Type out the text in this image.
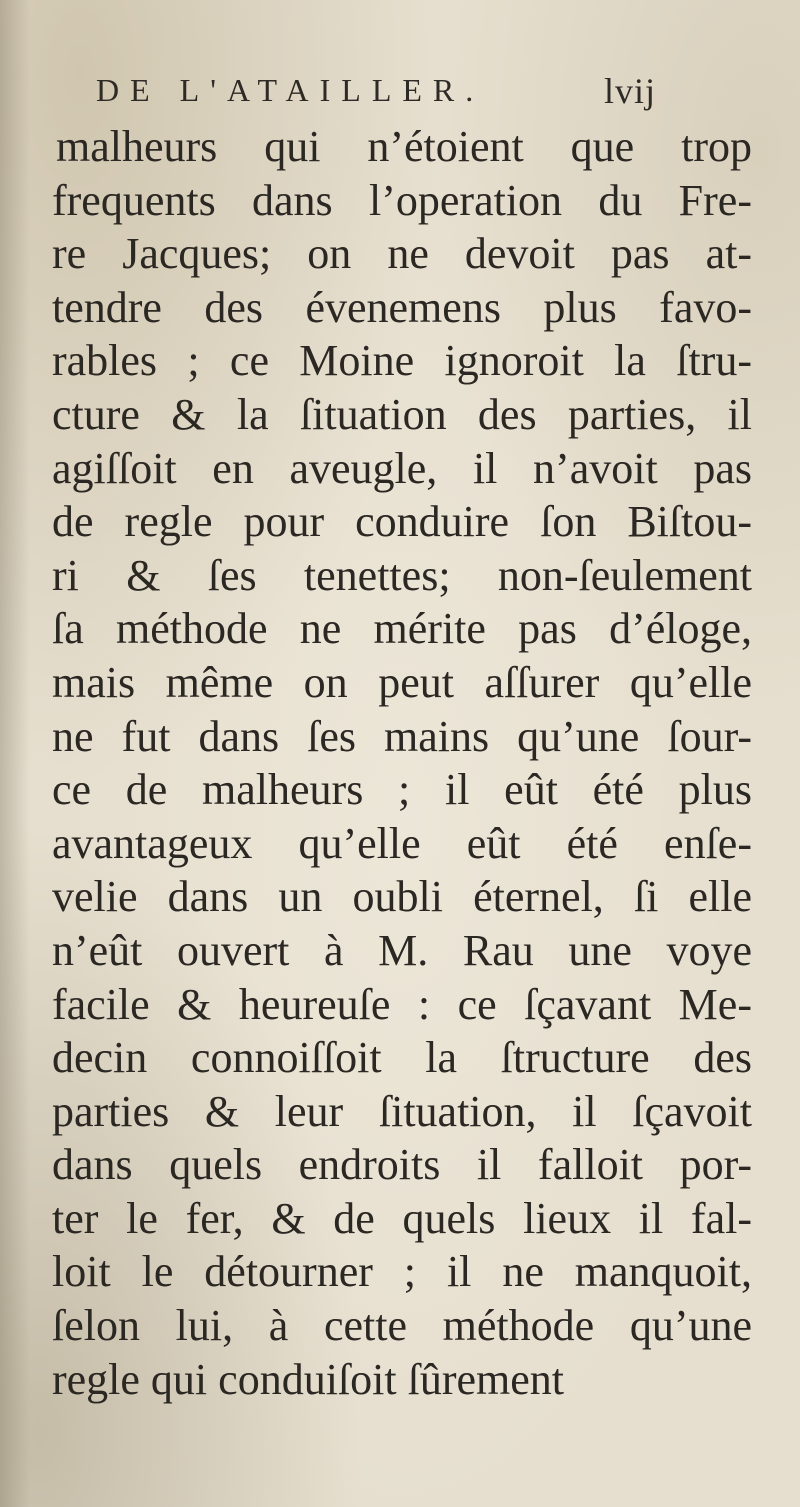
DE L'ATAILLER.	lvij
malheurs qui n’étoient que trop
frequents dans l’operation du Fre-
re Jacques; on ne devoit pas at-
tendre des évenemens plus favo-
rables ; ce Moine ignoroit la ſtru-
cture & la ſituation des parties, il
agiſſoit en aveugle, il n’avoit pas
de regle pour conduire ſon Biſtou-
ri & ſes tenettes; non-ſeulement
ſa méthode ne mérite pas d’éloge,
mais même on peut aſſurer qu’elle
ne fut dans ſes mains qu’une ſour-
ce de malheurs ; il eût été plus
avantageux qu’elle eût été enſe-
velie dans un oubli éternel, ſi elle
n’eût ouvert à M. Rau une voye
facile & heureuſe : ce ſçavant Me-
decin connoiſſoit la ſtructure des
parties & leur ſituation, il ſçavoit
dans quels endroits il falloit por-
ter le fer, & de quels lieux il fal-
loit le détourner ; il ne manquoit,
ſelon lui, à cette méthode qu’une
regle qui conduiſoit ſûrement
